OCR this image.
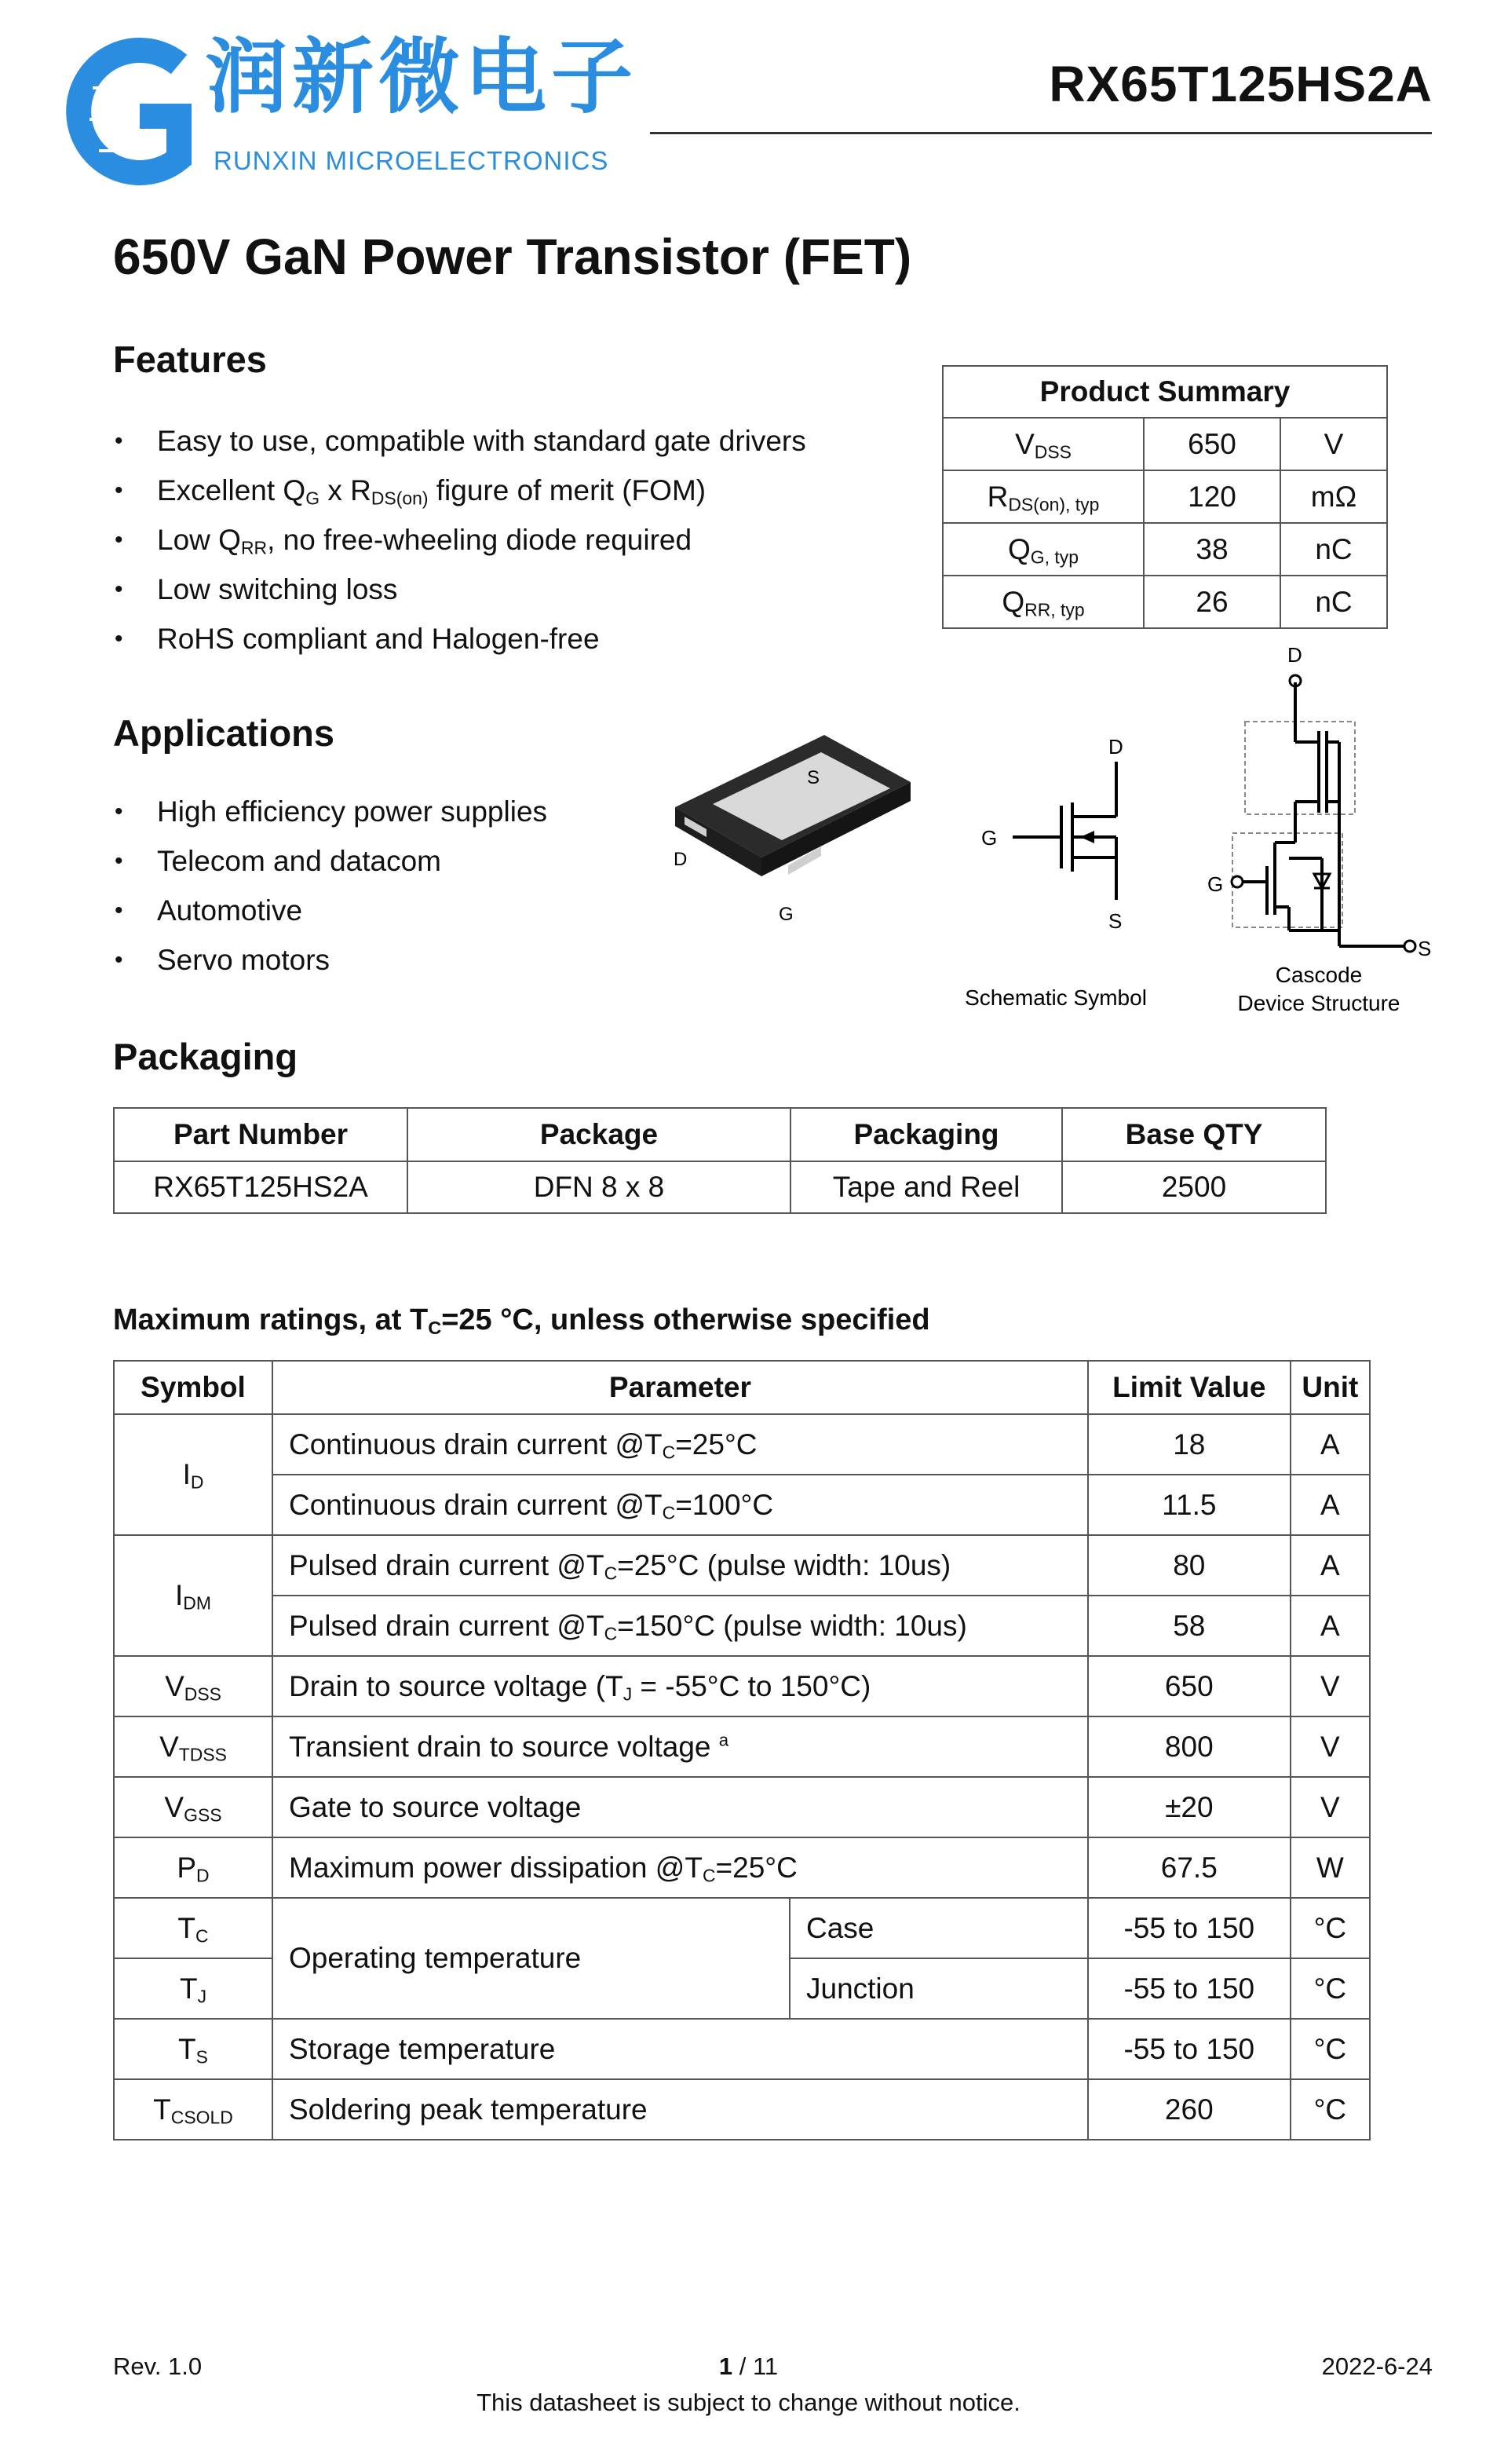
润新微电子
RUNXIN MICROELECTRONICS
RX65T125HS2A
650V GaN Power Transistor (FET)
Features
• Easy to use, compatible with standard gate drivers
• Excellent $Q_G$ x $R_{DS(on)}$ figure of merit (FOM)
• Low $Q_{RR}$, no free-wheeling diode required
• Low switching loss
• RoHS compliant and Halogen-free
Product Summary		
$V_{DSS}$	650	V
$R_{DS(on), typ}$	120	mΩ
$Q_{G, typ}$	38	nC
$Q_{RR, typ}$	26	nC
Applications
• High efficiency power supplies
• Telecom and datacom
• Automotive
• Servo motors
S
D
G
D
G
S
Schematic Symbol
D
G
S
Cascode
Device Structure
Packaging
Part Number	Package	Packaging	Base QTY
RX65T125HS2A	DFN 8 x 8	Tape and Reel	2500
Maximum ratings, at $T_C=25$ °C, unless otherwise specified
Symbol	Parameter		Limit Value	Unit
$I_D$	Continuous drain current $@T_C=25^\circ C$		18	A
	Continuous drain current $@T_C=100^\circ C$		11.5	A
$I_{DM}$	Pulsed drain current $@T_C=25^\circ C$ (pulse width: 10us)		80	A
	Pulsed drain current $@T_C=150^\circ C$ (pulse width: 10us)		58	A
$V_{DSS}$	Drain to source voltage ($T_J = -55^\circ C$ to 150°C)		650	V
$V_{TDSS}$	Transient drain to source voltage $^a$		800	V
$V_{GSS}$	Gate to source voltage		±20	V
$P_D$	Maximum power dissipation $@T_C=25^\circ C$		67.5	W
$T_C$	Operating temperature	Case	-55 to 150	°C
$T_J$		Junction	-55 to 150	°C
$T_S$	Storage temperature		-55 to 150	°C
$T_{CSOLD}$	Soldering peak temperature		260	°C
Rev. 1.0	1 / 11	2022-6-24
This datasheet is subject to change without notice.
